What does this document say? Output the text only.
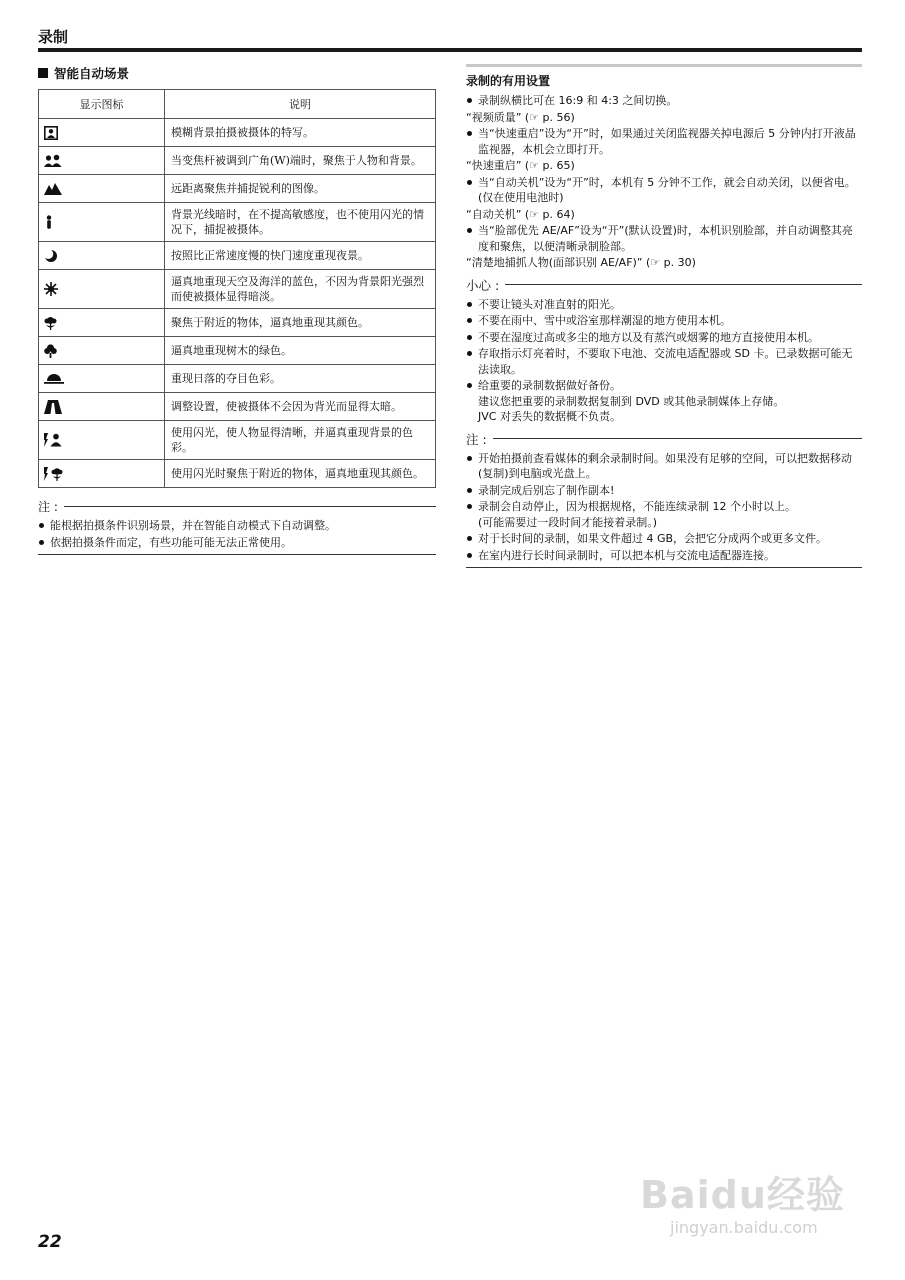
录制
智能自动场景
显示图标	说明

	模糊背景拍摄被摄体的特写。

	当变焦杆被调到广角(W)端时，聚焦于人物和背景。

	远距离聚焦并捕捉锐利的图像。

	背景光线暗时，在不提高敏感度，也不使用闪光的情况下，捕捉被摄体。

	按照比正常速度慢的快门速度重现夜景。

	逼真地重现天空及海洋的蓝色，不因为背景阳光强烈而使被摄体显得暗淡。

	聚焦于附近的物体，逼真地重现其颜色。

	逼真地重现树木的绿色。

	重现日落的夺目色彩。

	调整设置，使被摄体不会因为背光而显得太暗。

	使用闪光，使人物显得清晰，并逼真重现背景的色彩。

	使用闪光时聚焦于附近的物体，逼真地重现其颜色。
注 :
能根据拍摄条件识别场景，并在智能自动模式下自动调整。
依据拍摄条件而定，有些功能可能无法正常使用。
录制的有用设置
录制纵横比可在 16:9 和 4:3 之间切换。
“视频质量” (☞ p. 56)
当“快速重启”设为“开”时，如果通过关闭监视器关掉电源后 5 分钟内打开液晶监视器，本机会立即打开。
“快速重启” (☞ p. 65)
当“自动关机”设为“开”时，本机有 5 分钟不工作，就会自动关闭，以便省电。(仅在使用电池时)
“自动关机” (☞ p. 64)
当“脸部优先 AE/AF”设为“开”(默认设置)时，本机识别脸部，并自动调整其亮度和聚焦，以便清晰录制脸部。
“清楚地捕抓人物(面部识别 AE/AF)” (☞ p. 30)
小心 :
不要让镜头对准直射的阳光。
不要在雨中、雪中或浴室那样潮湿的地方使用本机。
不要在湿度过高或多尘的地方以及有蒸汽或烟雾的地方直接使用本机。
存取指示灯亮着时，不要取下电池、交流电适配器或 SD 卡。已录数据可能无法读取。
给重要的录制数据做好备份。
建议您把重要的录制数据复制到 DVD 或其他录制媒体上存储。
JVC 对丢失的数据概不负责。
注 :
开始拍摄前查看媒体的剩余录制时间。如果没有足够的空间，可以把数据移动(复制)到电脑或光盘上。
录制完成后别忘了制作副本!
录制会自动停止，因为根据规格，不能连续录制 12 个小时以上。
(可能需要过一段时间才能接着录制。)
对于长时间的录制，如果文件超过 4 GB，会把它分成两个或更多文件。
在室内进行长时间录制时，可以把本机与交流电适配器连接。
22
Baidu经验
jingyan.baidu.com
